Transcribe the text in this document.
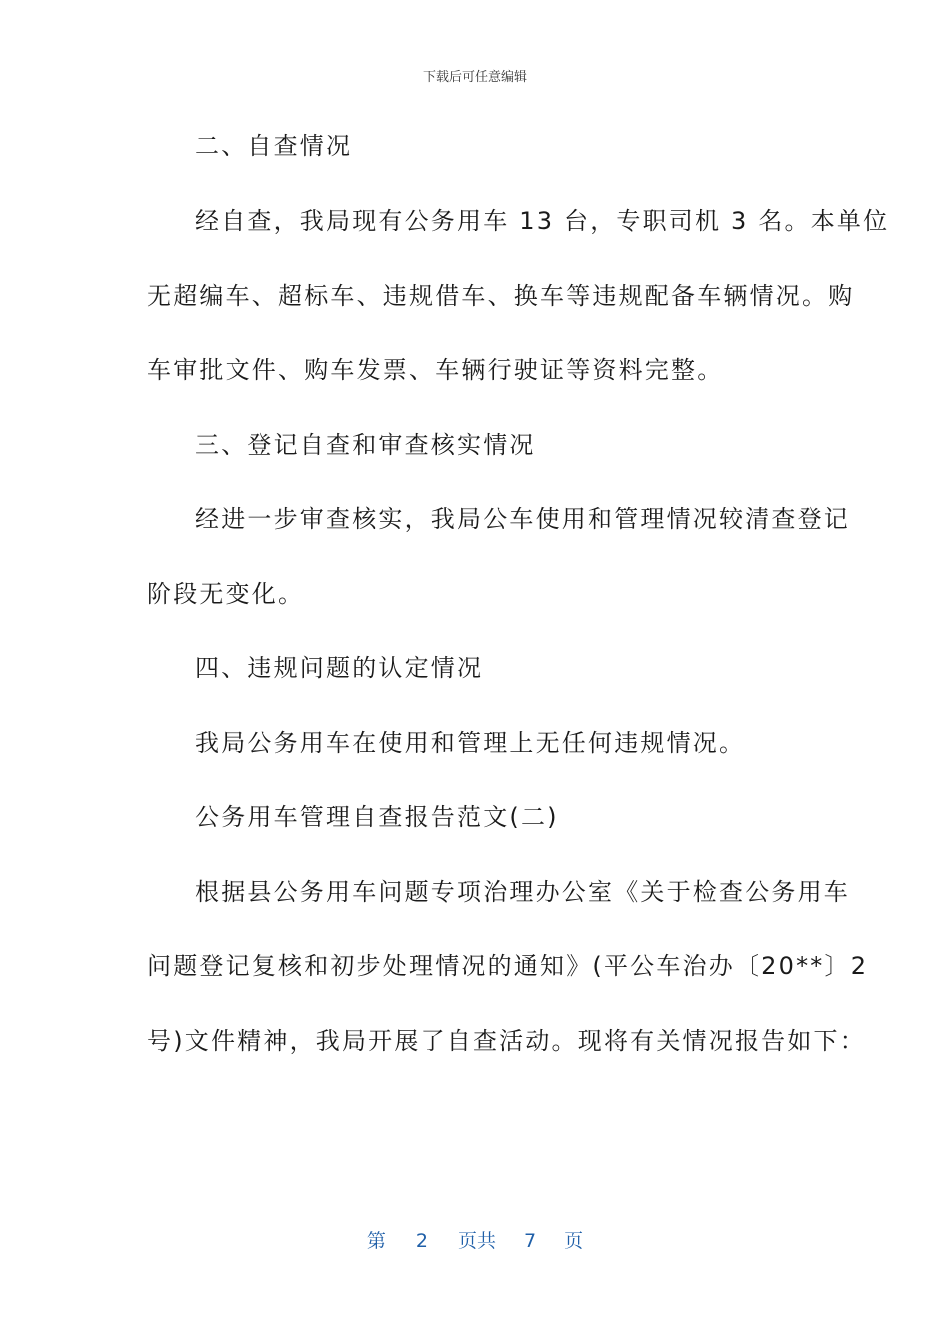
下载后可任意编辑
二、自查情况
经自查，我局现有公务用车 13 台，专职司机 3 名。本单位
无超编车、超标车、违规借车、换车等违规配备车辆情况。购
车审批文件、购车发票、车辆行驶证等资料完整。
三、登记自查和审查核实情况
经进一步审查核实，我局公车使用和管理情况较清查登记
阶段无变化。
四、违规问题的认定情况
我局公务用车在使用和管理上无任何违规情况。
公务用车管理自查报告范文(二)
根据县公务用车问题专项治理办公室《关于检查公务用车
问题登记复核和初步处理情况的通知》(平公车治办〔20**〕2
号)文件精神，我局开展了自查活动。现将有关情况报告如下：
第 2 页共 7 页
